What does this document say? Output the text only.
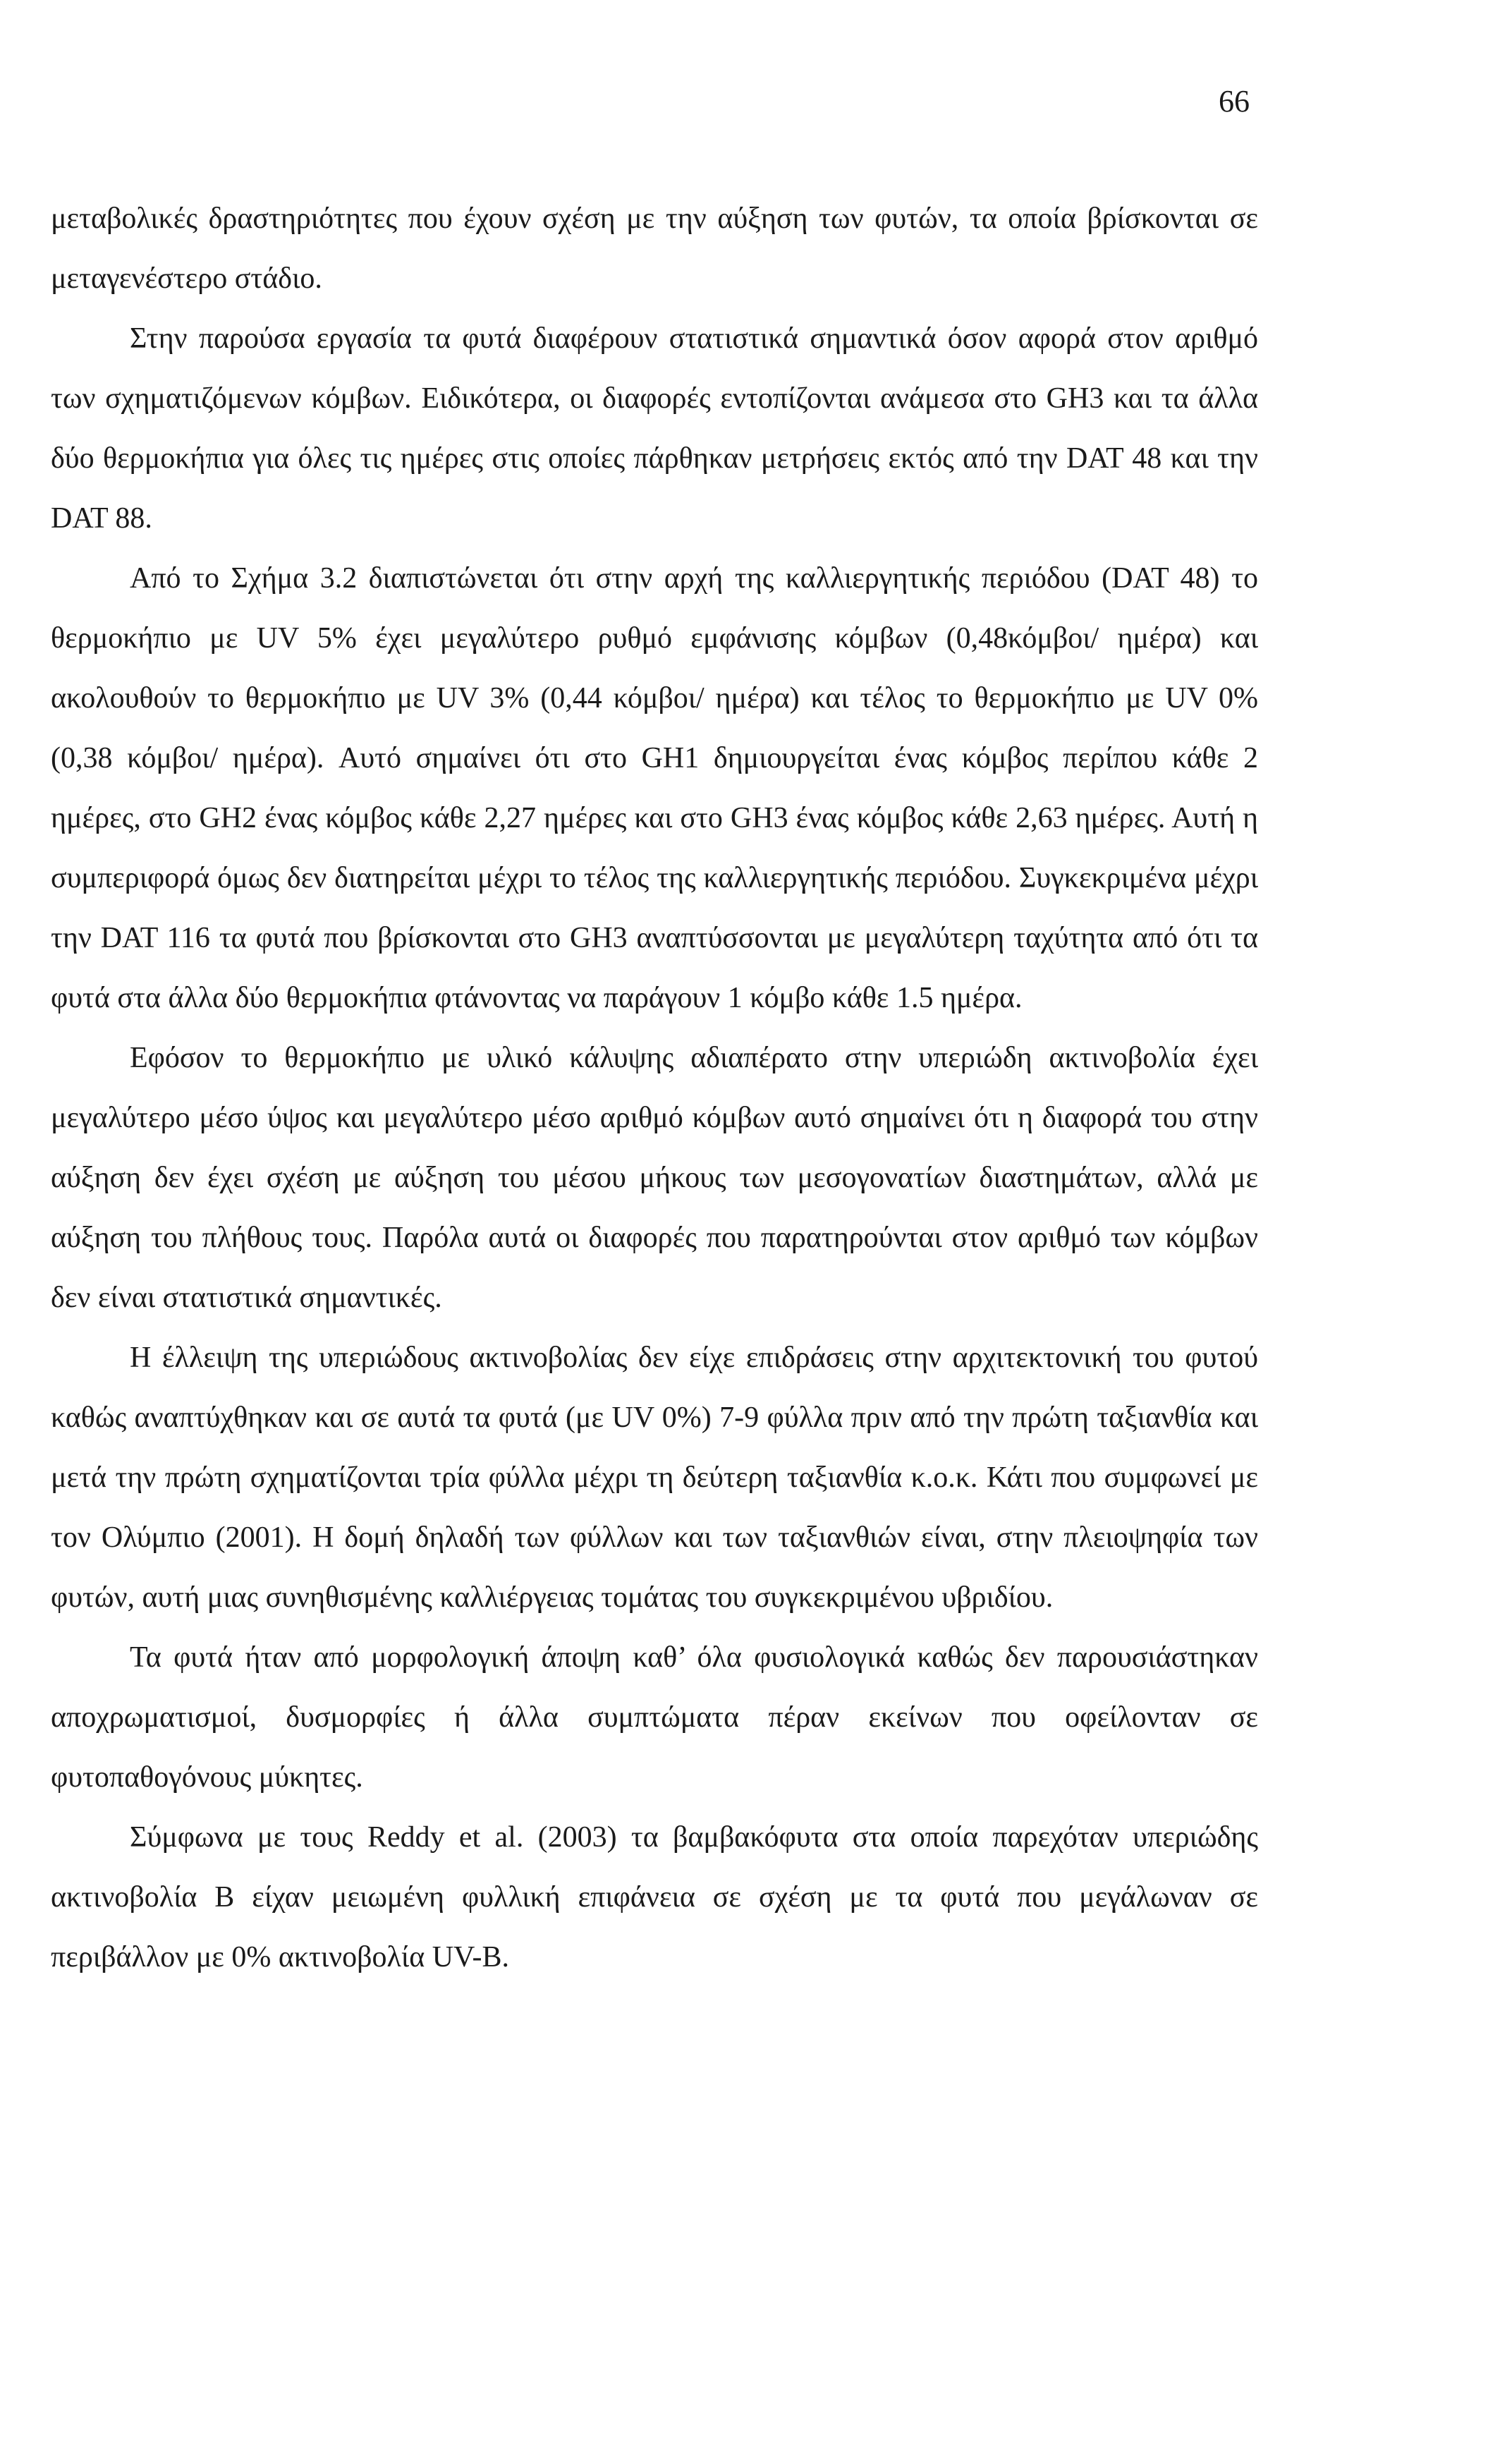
66

μεταβολικές δραστηριότητες που έχουν σχέση με την αύξηση των φυτών, τα οποία βρίσκονται σε μεταγενέστερο στάδιο.

Στην παρούσα εργασία τα φυτά διαφέρουν στατιστικά σημαντικά όσον αφορά στον αριθμό των σχηματιζόμενων κόμβων. Ειδικότερα, οι διαφορές εντοπίζονται ανάμεσα στο GH3 και τα άλλα δύο θερμοκήπια για όλες τις ημέρες στις οποίες πάρθηκαν μετρήσεις εκτός από την DAT 48 και την DAT 88.

Από το Σχήμα 3.2 διαπιστώνεται ότι στην αρχή της καλλιεργητικής περιόδου (DAT 48) το θερμοκήπιο με UV 5% έχει μεγαλύτερο ρυθμό εμφάνισης κόμβων (0,48κόμβοι/ ημέρα) και ακολουθούν το θερμοκήπιο με UV 3% (0,44 κόμβοι/ ημέρα) και τέλος το θερμοκήπιο με UV 0% (0,38 κόμβοι/ ημέρα). Αυτό σημαίνει ότι στο GH1 δημιουργείται ένας κόμβος περίπου κάθε 2 ημέρες, στο GH2 ένας κόμβος κάθε 2,27 ημέρες και στο GH3 ένας κόμβος κάθε 2,63 ημέρες. Αυτή η συμπεριφορά όμως δεν διατηρείται μέχρι το τέλος της καλλιεργητικής περιόδου. Συγκεκριμένα μέχρι την DAT 116 τα φυτά που βρίσκονται στο GH3 αναπτύσσονται με μεγαλύτερη ταχύτητα από ότι τα φυτά στα άλλα δύο θερμοκήπια φτάνοντας να παράγουν 1 κόμβο κάθε 1.5 ημέρα.

Εφόσον το θερμοκήπιο με υλικό κάλυψης αδιαπέρατο στην υπεριώδη ακτινοβολία έχει μεγαλύτερο μέσο ύψος και μεγαλύτερο μέσο αριθμό κόμβων αυτό σημαίνει ότι η διαφορά του στην αύξηση δεν έχει σχέση με αύξηση του μέσου μήκους των μεσογονατίων διαστημάτων, αλλά με αύξηση του πλήθους τους. Παρόλα αυτά οι διαφορές που παρατηρούνται στον αριθμό των κόμβων δεν είναι στατιστικά σημαντικές.

Η έλλειψη της υπεριώδους ακτινοβολίας δεν είχε επιδράσεις στην αρχιτεκτονική του φυτού καθώς αναπτύχθηκαν και σε αυτά τα φυτά (με UV 0%) 7-9 φύλλα πριν από την πρώτη ταξιανθία και μετά την πρώτη σχηματίζονται τρία φύλλα μέχρι τη δεύτερη ταξιανθία κ.ο.κ. Κάτι που συμφωνεί με τον Ολύμπιο (2001). Η δομή δηλαδή των φύλλων και των ταξιανθιών είναι, στην πλειοψηφία των φυτών, αυτή μιας συνηθισμένης καλλιέργειας τομάτας του συγκεκριμένου υβριδίου.

Τα φυτά ήταν από μορφολογική άποψη καθ’ όλα φυσιολογικά καθώς δεν παρουσιάστηκαν αποχρωματισμοί, δυσμορφίες ή άλλα συμπτώματα πέραν εκείνων που οφείλονταν σε φυτοπαθογόνους μύκητες.

Σύμφωνα με τους Reddy et al. (2003) τα βαμβακόφυτα στα οποία παρεχόταν υπεριώδης ακτινοβολία B είχαν μειωμένη φυλλική επιφάνεια σε σχέση με τα φυτά που μεγάλωναν σε περιβάλλον με 0% ακτινοβολία UV-B.
